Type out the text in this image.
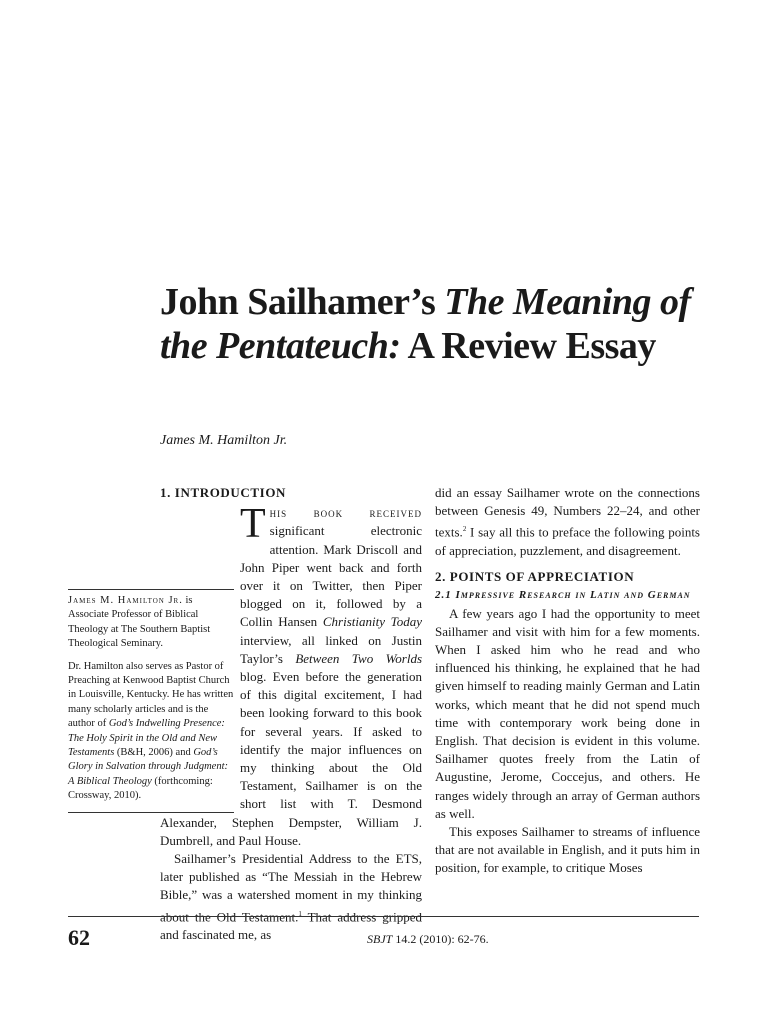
John Sailhamer’s The Meaning of the Pentateuch: A Review Essay
James M. Hamilton Jr.

1. INTRODUCTION

This book received significant electronic attention. Mark Driscoll and John Piper went back and forth over it on Twitter, then Piper blogged on it, followed by a Collin Hansen Christianity Today interview, all linked on Justin Taylor’s Between Two Worlds blog. Even before the generation of this digital excitement, I had been looking forward to this book for several years. If asked to identify the major influences on my thinking about the Old Testament, Sailhamer is on the short list with T. Desmond Alexander, Stephen Dempster, William J. Dumbrell, and Paul House.

Sailhamer’s Presidential Address to the ETS, later published as “The Messiah in the Hebrew Bible,” was a watershed moment in my thinking about the Old Testament.$^1$ That address gripped and fascinated me, as

did an essay Sailhamer wrote on the connections between Genesis 49, Numbers 22–24, and other texts.$^2$ I say all this to preface the following points of appreciation, puzzlement, and disagreement.

2. POINTS OF APPRECIATION

2.1 Impressive Research in Latin and German

A few years ago I had the opportunity to meet Sailhamer and visit with him for a few moments. When I asked him who he read and who influenced his thinking, he explained that he had given himself to reading mainly German and Latin works, which meant that he did not spend much time with contemporary work being done in English. That decision is evident in this volume. Sailhamer quotes freely from the Latin of Augustine, Jerome, Coccejus, and others. He ranges widely through an array of German authors as well.

This exposes Sailhamer to streams of influence that are not available in English, and it puts him in position, for example, to critique Moses

James M. Hamilton Jr. is Associate Professor of Biblical Theology at The Southern Baptist Theological Seminary.

Dr. Hamilton also serves as Pastor of Preaching at Kenwood Baptist Church in Louisville, Kentucky. He has written many scholarly articles and is the author of God’s Indwelling Presence: The Holy Spirit in the Old and New Testaments (B&H, 2006) and God’s Glory in Salvation through Judgment: A Biblical Theology (forthcoming: Crossway, 2010).

62	SBJT 14.2 (2010): 62-76.
